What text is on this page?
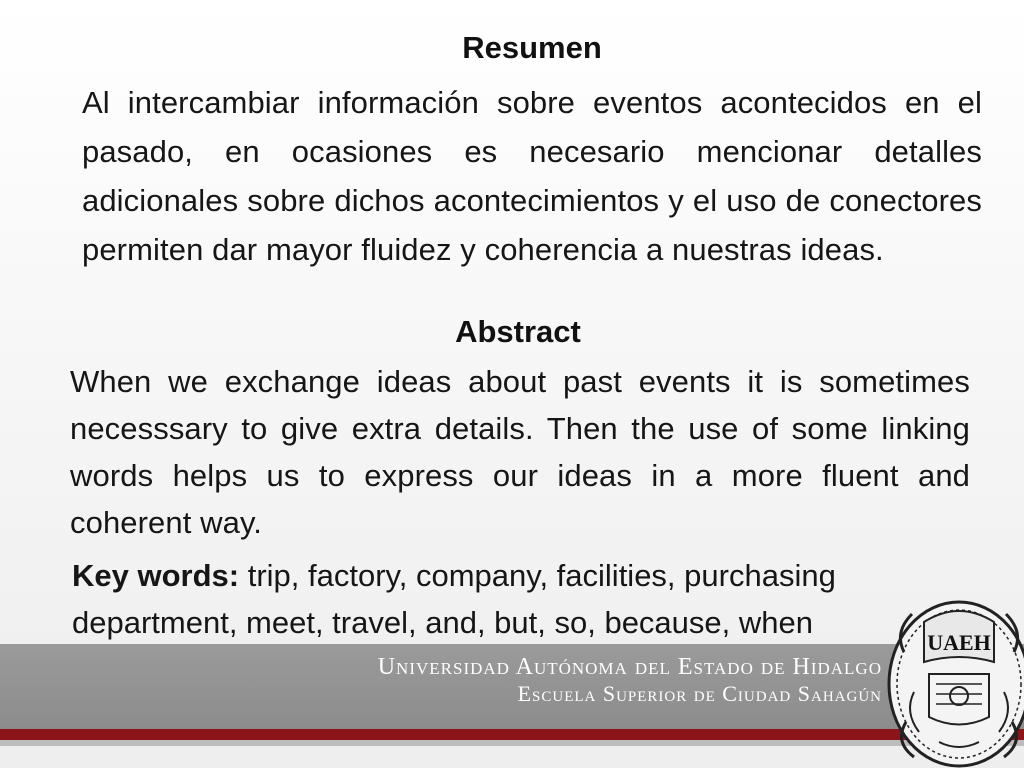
Resumen
Al intercambiar información sobre eventos acontecidos en el pasado, en ocasiones es necesario mencionar detalles adicionales sobre dichos acontecimientos y el uso de conectores permiten dar mayor fluidez y coherencia a nuestras ideas.
Abstract
When we exchange ideas about past events it is sometimes necesssary to give extra details. Then the use of some linking words helps us to express our ideas in a more fluent and coherent way.
Key words: trip, factory, company, facilities, purchasing department, meet, travel, and, but, so, because, when
Universidad Autónoma del Estado de Hidalgo
Escuela Superior de Ciudad Sahagún
UAEH
